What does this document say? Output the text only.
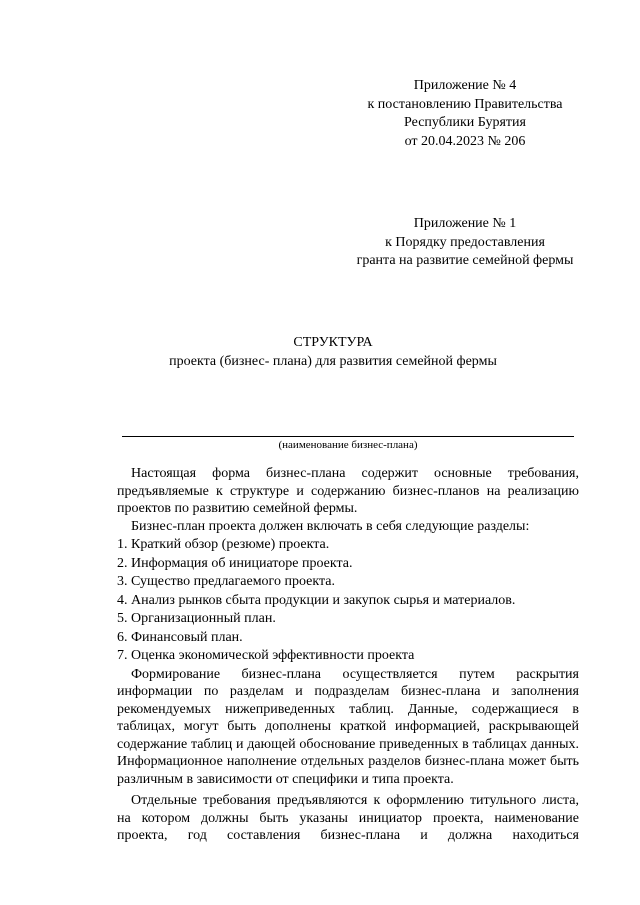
Приложение № 4
к постановлению Правительства
Республики Бурятия
от 20.04.2023 № 206
Приложение № 1
к Порядку предоставления
гранта на развитие семейной фермы
СТРУКТУРА
проекта (бизнес- плана) для развития семейной фермы
(наименование бизнес-плана)

Настоящая форма бизнес-плана содержит основные требования, предъявляемые к структуре и содержанию бизнес-планов на реализацию проектов по развитию семейной фермы.

Бизнес-план проекта должен включать в себя следующие разделы:

1. Краткий обзор (резюме) проекта.

2. Информация об инициаторе проекта.

3. Существо предлагаемого проекта.

4. Анализ рынков сбыта продукции и закупок сырья и материалов.

5. Организационный план.

6. Финансовый план.

7. Оценка экономической эффективности проекта

Формирование бизнес-плана осуществляется путем раскрытия информации по разделам и подразделам бизнес-плана и заполнения рекомендуемых нижеприведенных таблиц. Данные, содержащиеся в таблицах, могут быть дополнены краткой информацией, раскрывающей содержание таблиц и дающей обоснование приведенных в таблицах данных. Информационное наполнение отдельных разделов бизнес-плана может быть различным в зависимости от специфики и типа проекта.

Отдельные требования предъявляются к оформлению титульного листа, на котором должны быть указаны инициатор проекта, наименование проекта, год составления бизнес-плана и должна находиться
